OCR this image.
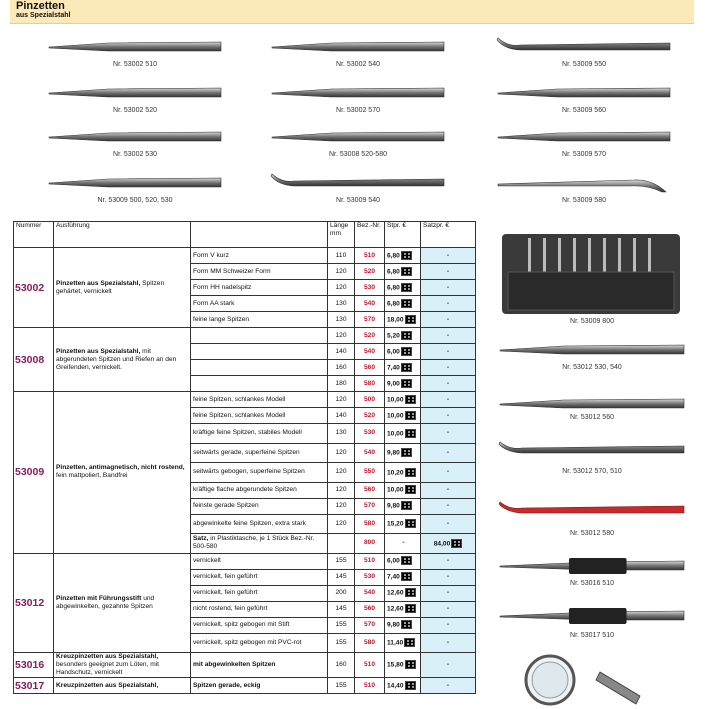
Pinzetten
aus Spezialstahl
Nr. 53002 510	Nr. 53002 540	Nr. 53009 550
Nr. 53002 520	Nr. 53002 570	Nr. 53009 560
Nr. 53002 530	Nr. 53008 520-580	Nr. 53009 570
Nr. 53009 500, 520, 530	Nr. 53009 540	Nr. 53009 580
Nr. 53009 800
Nr. 53012 530, 540
Nr. 53012 560
Nr. 53012 570, 510
Nr. 53012 580
Nr. 53016 510
Nr. 53017 510
Nummer	Ausführung		Länge mm	Bez.-Nr.	Stpr. €	Satzpr. €
53002	Pinzetten aus Spezialstahl, Spitzen gehärtet, vernickelt	Form V kurz	110	510	6,80	-
		Form MM Schweizer Form	120	520	6,80	-
		Form HH nadelspitz	120	530	6,80	-
		Form AA stark	130	540	6,80	-
		feine lange Spitzen	130	570	18,00	-
53008	Pinzetten aus Spezialstahl, mit abgerundeten Spitzen und Riefen an den Greifenden, vernickelt.		120	520	5,20	-
			140	540	6,00	-
			160	560	7,40	-
			180	580	9,00	-
53009	Pinzetten, antimagnetisch, nicht rostend, fein mattpoliert, Bandfrei	feine Spitzen, schlankes Modell	120	500	10,00	-
		feine Spitzen, schlankes Modell	140	520	10,00	-
		kräftige feine Spitzen, stabiles Modell	130	530	10,00	-
		seitwärts gerade, superfeine Spitzen	120	540	9,80	-
		seitwärts gebogen, superfeine Spitzen	120	550	10,20	-
		kräftige flache abgerundete Spitzen	120	560	10,00	-
		feinste gerade Spitzen	120	570	9,80	-
		abgewinkelte feine Spitzen, extra stark	120	580	15,20	-
		Satz, in Plastiktasche, je 1 Stück Bez.-Nr. 500-580		800	-	84,00
53012	Pinzetten mit Führungsstift und abgewinkelten, gezahnte Spitzen	vernickelt	155	510	6,00	-
		vernickelt, fein geführt	145	530	7,40	-
		vernickelt, fein geführt	200	540	12,60	-
		nicht rostend, fein geführt	145	560	12,60	-
		vernickelt, spitz gebogen mit Stift	155	570	9,80	-
		vernickelt, spitz gebogen mit PVC-rot	155	580	11,40	-
53016	Kreuzpinzetten aus Spezialstahl, besonders geeignet zum Löten, mit Handschutz, vernickelt	mit abgewinkelten Spitzen	160	510	15,80	-
53017	Kreuzpinzetten aus Spezialstahl,	Spitzen gerade, eckig	155	510	14,40	-
